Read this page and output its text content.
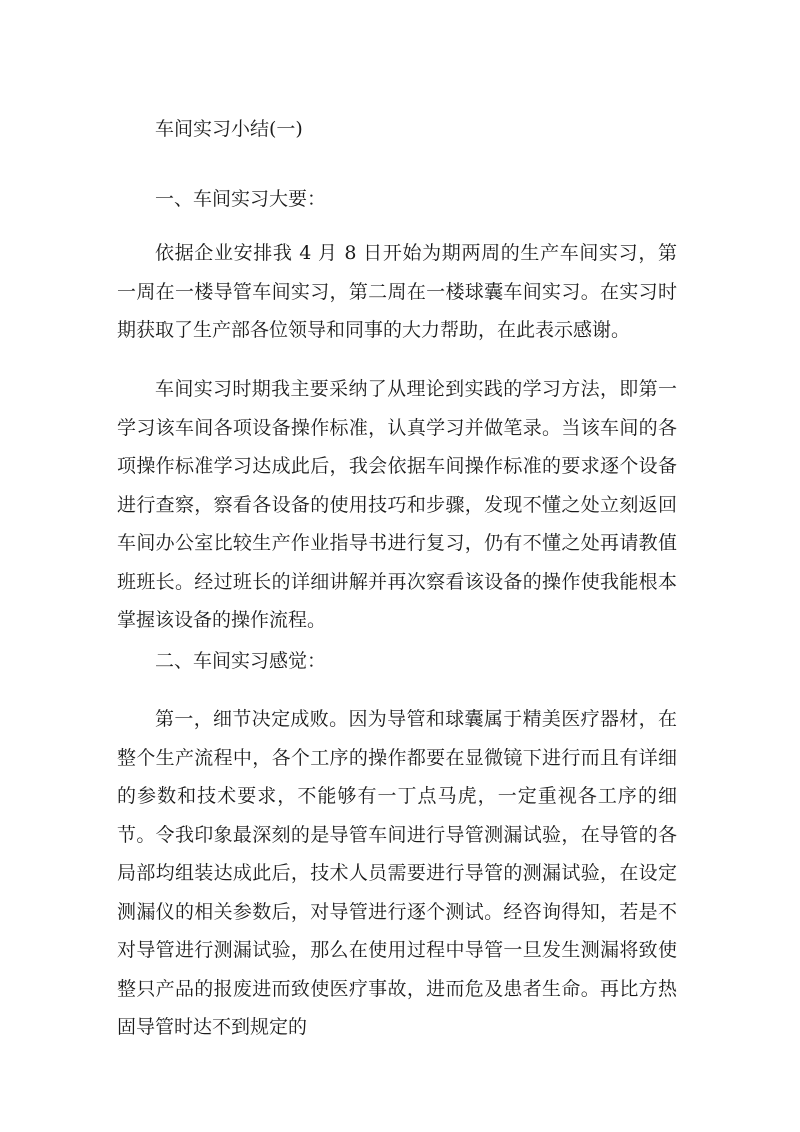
车间实习小结(一)
一、车间实习大要：

依据企业安排我 4 月 8 日开始为期两周的生产车间实习，第一周在一楼导管车间实习，第二周在一楼球囊车间实习。在实习时期获取了生产部各位领导和同事的大力帮助，在此表示感谢。

车间实习时期我主要采纳了从理论到实践的学习方法，即第一学习该车间各项设备操作标准，认真学习并做笔录。当该车间的各项操作标准学习达成此后，我会依据车间操作标准的要求逐个设备进行查察，察看各设备的使用技巧和步骤，发现不懂之处立刻返回车间办公室比较生产作业指导书进行复习，仍有不懂之处再请教值班班长。经过班长的详细讲解并再次察看该设备的操作使我能根本掌握该设备的操作流程。

二、车间实习感觉：

第一，细节决定成败。因为导管和球囊属于精美医疗器材，在整个生产流程中，各个工序的操作都要在显微镜下进行而且有详细的参数和技术要求，不能够有一丁点马虎，一定重视各工序的细节。令我印象最深刻的是导管车间进行导管测漏试验，在导管的各局部均组装达成此后，技术人员需要进行导管的测漏试验，在设定测漏仪的相关参数后，对导管进行逐个测试。经咨询得知，若是不对导管进行测漏试验，那么在使用过程中导管一旦发生测漏将致使整只产品的报废进而致使医疗事故，进而危及患者生命。再比方热固导管时达不到规定的
